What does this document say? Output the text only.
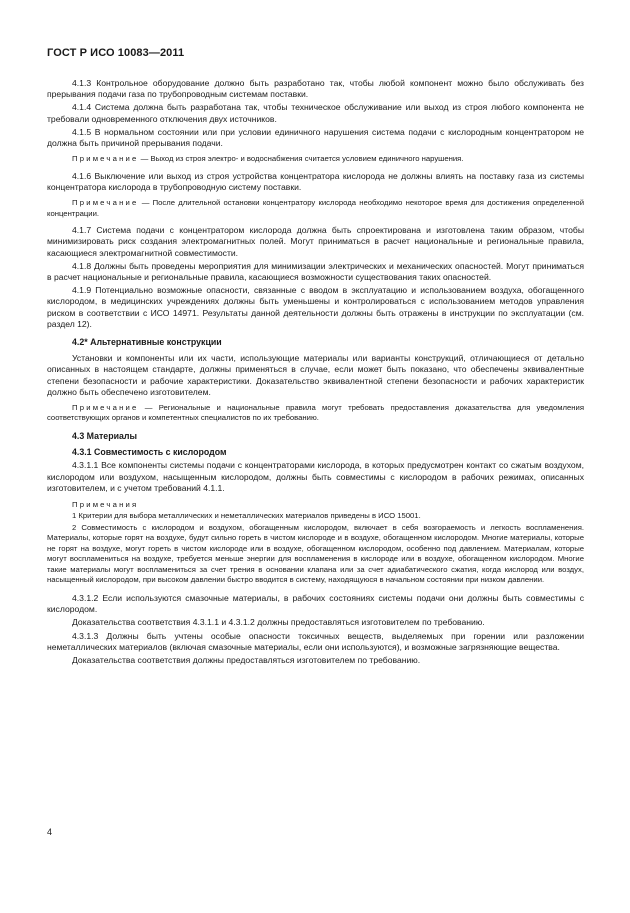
ГОСТ Р ИСО 10083—2011

4.1.3 Контрольное оборудование должно быть разработано так, чтобы любой компонент можно было обслуживать без прерывания подачи газа по трубопроводным системам поставки.

4.1.4 Система должна быть разработана так, чтобы техническое обслуживание или выход из строя любого компонента не требовали одновременного отключения двух источников.

4.1.5 В нормальном состоянии или при условии единичного нарушения система подачи с кислородным концентратором не должна быть причиной прерывания подачи.

Примечание — Выход из строя электро- и водоснабжения считается условием единичного нарушения.

4.1.6 Выключение или выход из строя устройства концентратора кислорода не должны влиять на поставку газа из системы концентратора кислорода в трубопроводную систему поставки.

Примечание — После длительной остановки концентратору кислорода необходимо некоторое время для достижения определенной концентрации.

4.1.7 Система подачи с концентратором кислорода должна быть спроектирована и изготовлена таким образом, чтобы минимизировать риск создания электромагнитных полей. Могут приниматься в расчет национальные и региональные правила, касающиеся электромагнитной совместимости.

4.1.8 Должны быть проведены мероприятия для минимизации электрических и механических опасностей. Могут приниматься в расчет национальные и региональные правила, касающиеся возможности существования таких опасностей.

4.1.9 Потенциально возможные опасности, связанные с вводом в эксплуатацию и использованием воздуха, обогащенного кислородом, в медицинских учреждениях должны быть уменьшены и контролироваться с использованием методов управления риском в соответствии с ИСО 14971. Результаты данной деятельности должны быть отражены в инструкции по эксплуатации (см. раздел 12).

4.2* Альтернативные конструкции

Установки и компоненты или их части, использующие материалы или варианты конструкций, отличающиеся от детально описанных в настоящем стандарте, должны применяться в случае, если может быть показано, что обеспечены эквивалентные степени безопасности и рабочие характеристики. Доказательство эквивалентной степени безопасности и рабочих характеристик должно быть обеспечено изготовителем.

Примечание — Региональные и национальные правила могут требовать предоставления доказательства для уведомления соответствующих органов и компетентных специалистов по их требованию.

4.3 Материалы
4.3.1 Совместимость с кислородом

4.3.1.1 Все компоненты системы подачи с концентраторами кислорода, в которых предусмотрен контакт со сжатым воздухом, кислородом или воздухом, насыщенным кислородом, должны быть совместимы с кислородом в рабочих режимах, описанных изготовителем, и с учетом требований 4.1.1.

Примечания

1 Критерии для выбора металлических и неметаллических материалов приведены в ИСО 15001.

2 Совместимость с кислородом и воздухом, обогащенным кислородом, включает в себя возгораемость и легкость воспламенения. Материалы, которые горят на воздухе, будут сильно гореть в чистом кислороде и в воздухе, обогащенном кислородом. Многие материалы, которые не горят на воздухе, могут гореть в чистом кислороде или в воздухе, обогащенном кислородом, особенно под давлением. Материалам, которые могут воспламениться на воздухе, требуется меньше энергии для воспламенения в кислороде или в воздухе, обогащенном кислородом. Многие такие материалы могут воспламениться за счет трения в основании клапана или за счет адиабатического сжатия, когда кислород или воздух, насыщенный кислородом, при высоком давлении быстро вводится в систему, находящуюся в начальном состоянии при низком давлении.

4.3.1.2 Если используются смазочные материалы, в рабочих состояниях системы подачи они должны быть совместимы с кислородом.

Доказательства соответствия 4.3.1.1 и 4.3.1.2 должны предоставляться изготовителем по требованию.

4.3.1.3 Должны быть учтены особые опасности токсичных веществ, выделяемых при горении или разложении неметаллических материалов (включая смазочные материалы, если они используются), и возможные загрязняющие вещества.

Доказательства соответствия должны предоставляться изготовителем по требованию.

4
